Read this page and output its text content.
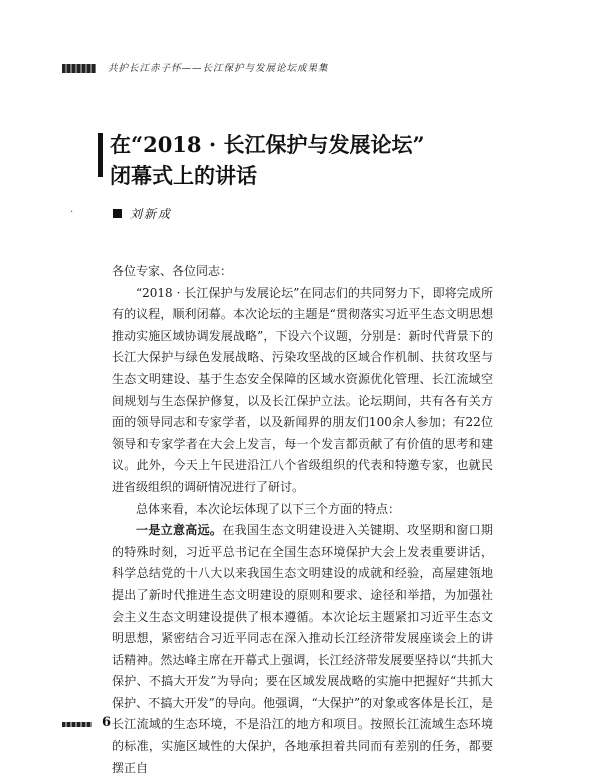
共护长江赤子怀——长江保护与发展论坛成果集
在“2018 · 长江保护与发展论坛”
闭幕式上的讲话
·	刘新成

各位专家、各位同志：

“2018 · 长江保护与发展论坛”在同志们的共同努力下，即将完成所有的议程，顺利闭幕。本次论坛的主题是“贯彻落实习近平生态文明思想 推动实施区域协调发展战略”，下设六个议题，分别是：新时代背景下的长江大保护与绿色发展战略、污染攻坚战的区域合作机制、扶贫攻坚与生态文明建设、基于生态安全保障的区域水资源优化管理、长江流域空间规划与生态保护修复，以及长江保护立法。论坛期间，共有各有关方面的领导同志和专家学者，以及新闻界的朋友们100余人参加；有22位领导和专家学者在大会上发言，每一个发言都贡献了有价值的思考和建议。此外，今天上午民进沿江八个省级组织的代表和特邀专家，也就民进省级组织的调研情况进行了研讨。

总体来看，本次论坛体现了以下三个方面的特点：

一是立意高远。在我国生态文明建设进入关键期、攻坚期和窗口期的特殊时刻，习近平总书记在全国生态环境保护大会上发表重要讲话，科学总结党的十八大以来我国生态文明建设的成就和经验，高屋建瓴地提出了新时代推进生态文明建设的原则和要求、途径和举措，为加强社会主义生态文明建设提供了根本遵循。本次论坛主题紧扣习近平生态文明思想，紧密结合习近平同志在深入推动长江经济带发展座谈会上的讲话精神。然达峰主席在开幕式上强调，长江经济带发展要坚持以“共抓大保护、不搞大开发”为导向；要在区域发展战略的实施中把握好“共抓大保护、不搞大开发”的导向。他强调，“大保护”的对象或客体是长江，是长江流域的生态环境，不是沿江的地方和项目。按照长江流域生态环境的标准，实施区域性的大保护，各地承担着共同而有差别的任务，都要摆正自

6
